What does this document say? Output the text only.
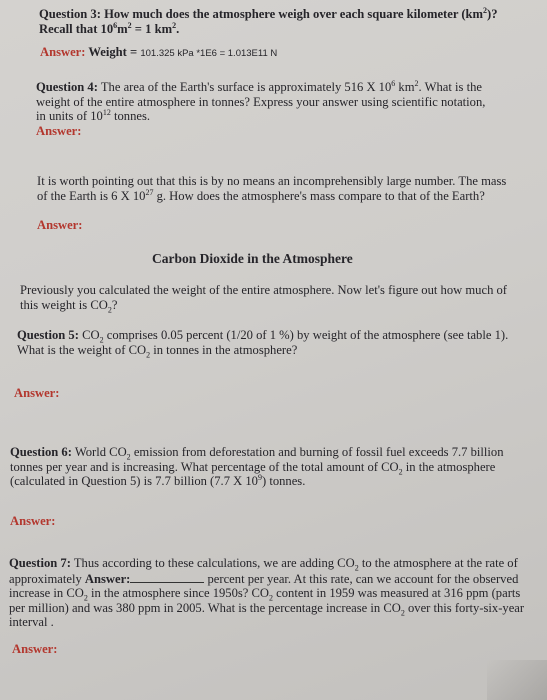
Question 3: How much does the atmosphere weigh over each square kilometer $(km^2)$?
Recall that $10^6m^2 = 1$ $km^2$.
Answer: Weight = 101.325 kPa *1E6 = 1.013E11 N
Question 4: The area of the Earth's surface is approximately 516 X $10^6$ $km^2$. What is the weight of the entire atmosphere in tonnes? Express your answer using scientific notation, in units of $10^{12}$ tonnes.
Answer:
It is worth pointing out that this is by no means an incomprehensibly large number. The mass of the Earth is 6 X $10^{27}$ g. How does the atmosphere's mass compare to that of the Earth?
Answer:
Carbon Dioxide in the Atmosphere
Previously you calculated the weight of the entire atmosphere. Now let's figure out how much of this weight is $CO_2$?
Question 5: $CO_2$ comprises 0.05 percent (1/20 of 1 %) by weight of the atmosphere (see table 1). What is the weight of $CO_2$ in tonnes in the atmosphere?
Answer:
Question 6: World $CO_2$ emission from deforestation and burning of fossil fuel exceeds 7.7 billion tonnes per year and is increasing. What percentage of the total amount of $CO_2$ in the atmosphere (calculated in Question 5) is 7.7 billion (7.7 X $10^9$) tonnes.
Answer:
Question 7: Thus according to these calculations, we are adding $CO_2$ to the atmosphere at the rate of approximately Answer:	percent per year. At this rate, can we account for the observed increase in $CO_2$ in the atmosphere since 1950s? $CO_2$ content in 1959 was measured at 316 ppm (parts per million) and was 380 ppm in 2005. What is the percentage increase in $CO_2$ over this forty-six-year interval .
Answer:
